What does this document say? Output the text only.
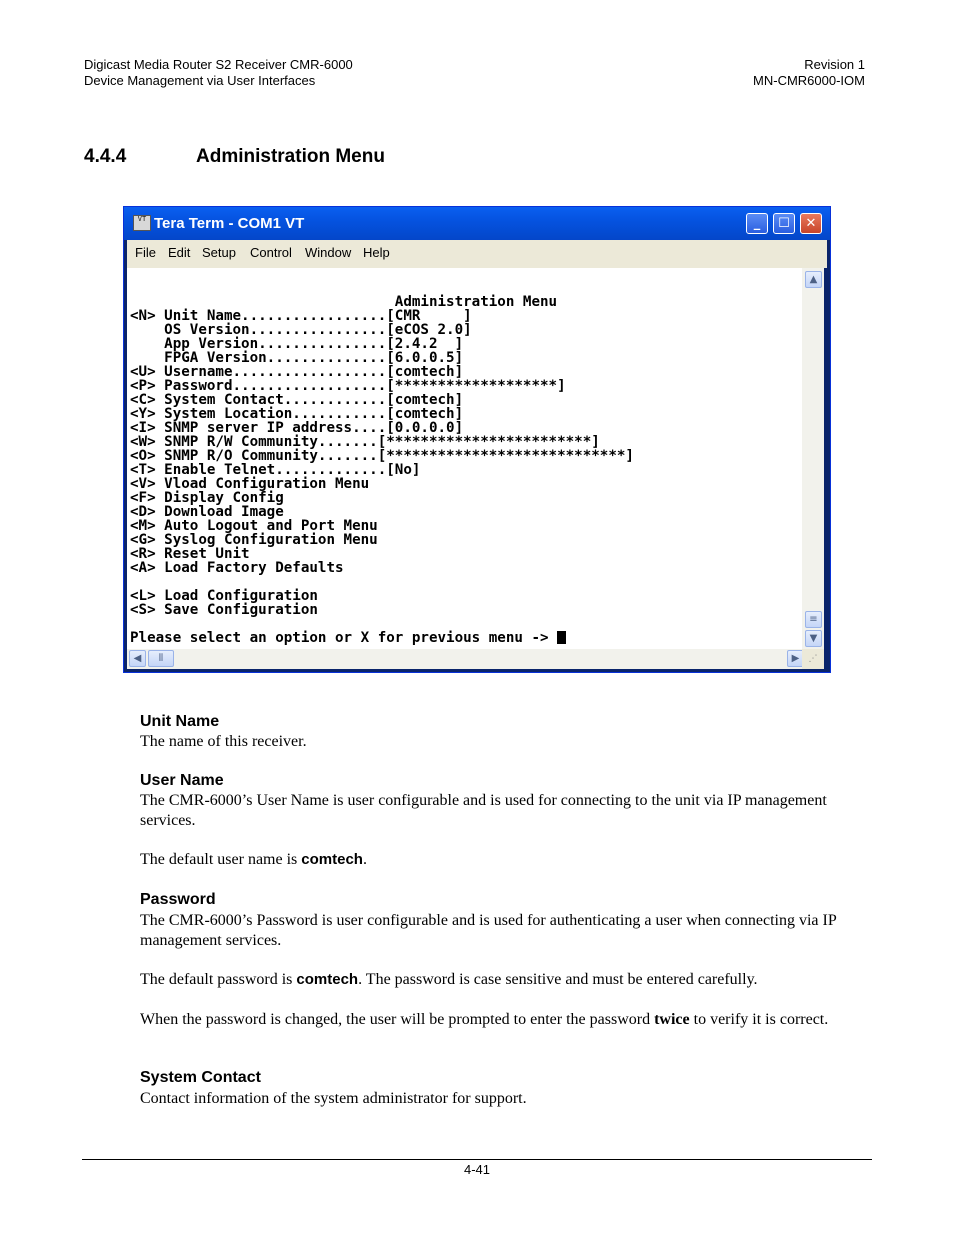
Digicast Media Router S2 Receiver CMR-6000
Device Management via User Interfaces
Revision 1
MN-CMR6000-IOM
4.4.4	Administration Menu
VT Tera Term - COM1 VT	_	☐	✕
File Edit Setup Control Window Help
Administration Menu
<N> Unit Name.................[CMR     ]
OS Version................[eCOS 2.0]
App Version...............[2.4.2  ]
FPGA Version..............[6.0.0.5]
<U> Username..................[comtech]
<P> Password..................[*******************]
<C> System Contact............[comtech]
<Y> System Location...........[comtech]
<I> SNMP server IP address....[0.0.0.0]
<W> SNMP R/W Community.......[************************]
<O> SNMP R/O Community.......[****************************]
<T> Enable Telnet.............[No]
<V> Vload Configuration Menu
<F> Display Config
<D> Download Image
<M> Auto Logout and Port Menu
<G> Syslog Configuration Menu
<R> Reset Unit
<A> Load Factory Defaults
<L> Load Configuration
<S> Save Configuration
Please select an option or X for previous menu ->
▲
≡
▼
◀	⦀	▶	⋰
Unit Name
The name of this receiver.
User Name
The CMR-6000’s User Name is user configurable and is used for connecting to the unit via IP management services.
The default user name is comtech.
Password
The CMR-6000’s Password is user configurable and is used for authenticating a user when connecting via IP management services.
The default password is comtech. The password is case sensitive and must be entered carefully.
When the password is changed, the user will be prompted to enter the password twice to verify it is correct.
System Contact
Contact information of the system administrator for support.
4-41
